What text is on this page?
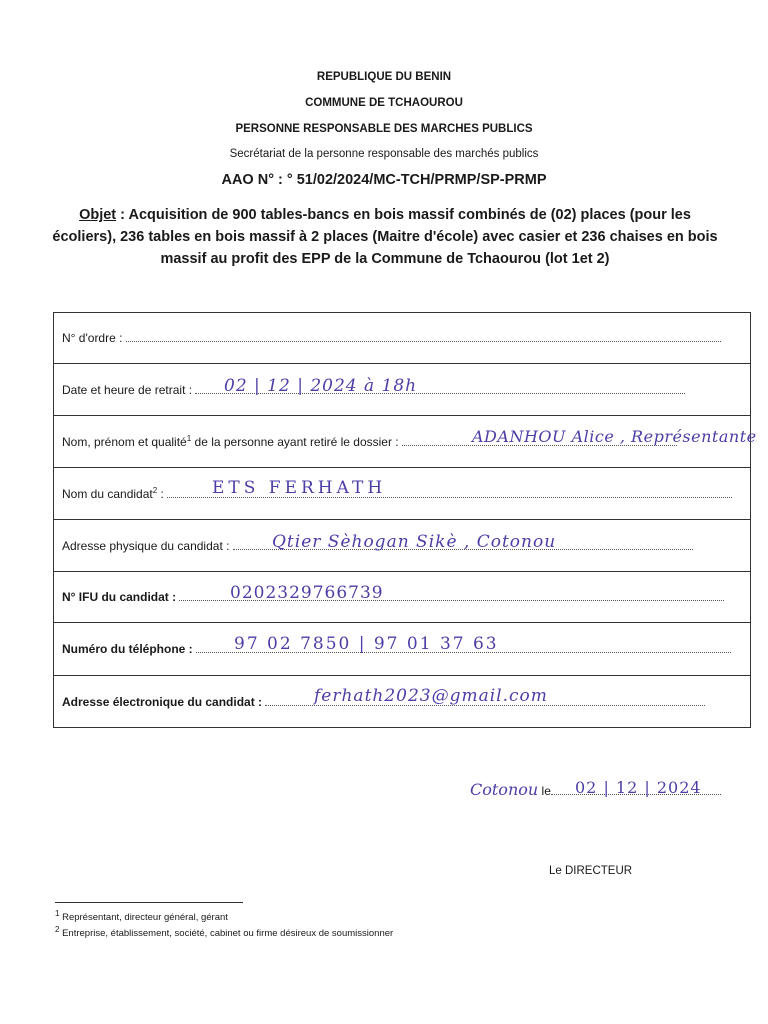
REPUBLIQUE DU BENIN
COMMUNE DE TCHAOUROU
PERSONNE RESPONSABLE DES MARCHES PUBLICS
Secrétariat de la personne responsable des marchés publics
AAO N° : ° 51/02/2024/MC-TCH/PRMP/SP-PRMP
Objet : Acquisition de 900 tables-bancs en bois massif combinés de (02) places (pour les écoliers), 236 tables en bois massif à 2 places (Maitre d'école) avec casier et 236 chaises en bois massif au profit des EPP de la Commune de Tchaourou (lot 1et 2)
N° d'ordre :
Date et heure de retrait : 02 | 12 | 2024 à 18h

Nom, prénom et qualité$^1$ de la personne ayant retiré le dossier :	ADANHOU Alice , Représentante

Nom du candidat$^2$ :	ETS FERHATH

Adresse physique du candidat :	Qtier Sèhogan Sikè , Cotonou

N° IFU du candidat :	0202329766739

Numéro du téléphone : 97 02 7850 | 97 01 37 63

Adresse électronique du candidat :	ferhath2023@gmail.com
Cotonou le 02 | 12 | 2024
Le DIRECTEUR
$^1$ Représentant, directeur général, gérant
$^2$ Entreprise, établissement, société, cabinet ou firme désireux de soumissionner
